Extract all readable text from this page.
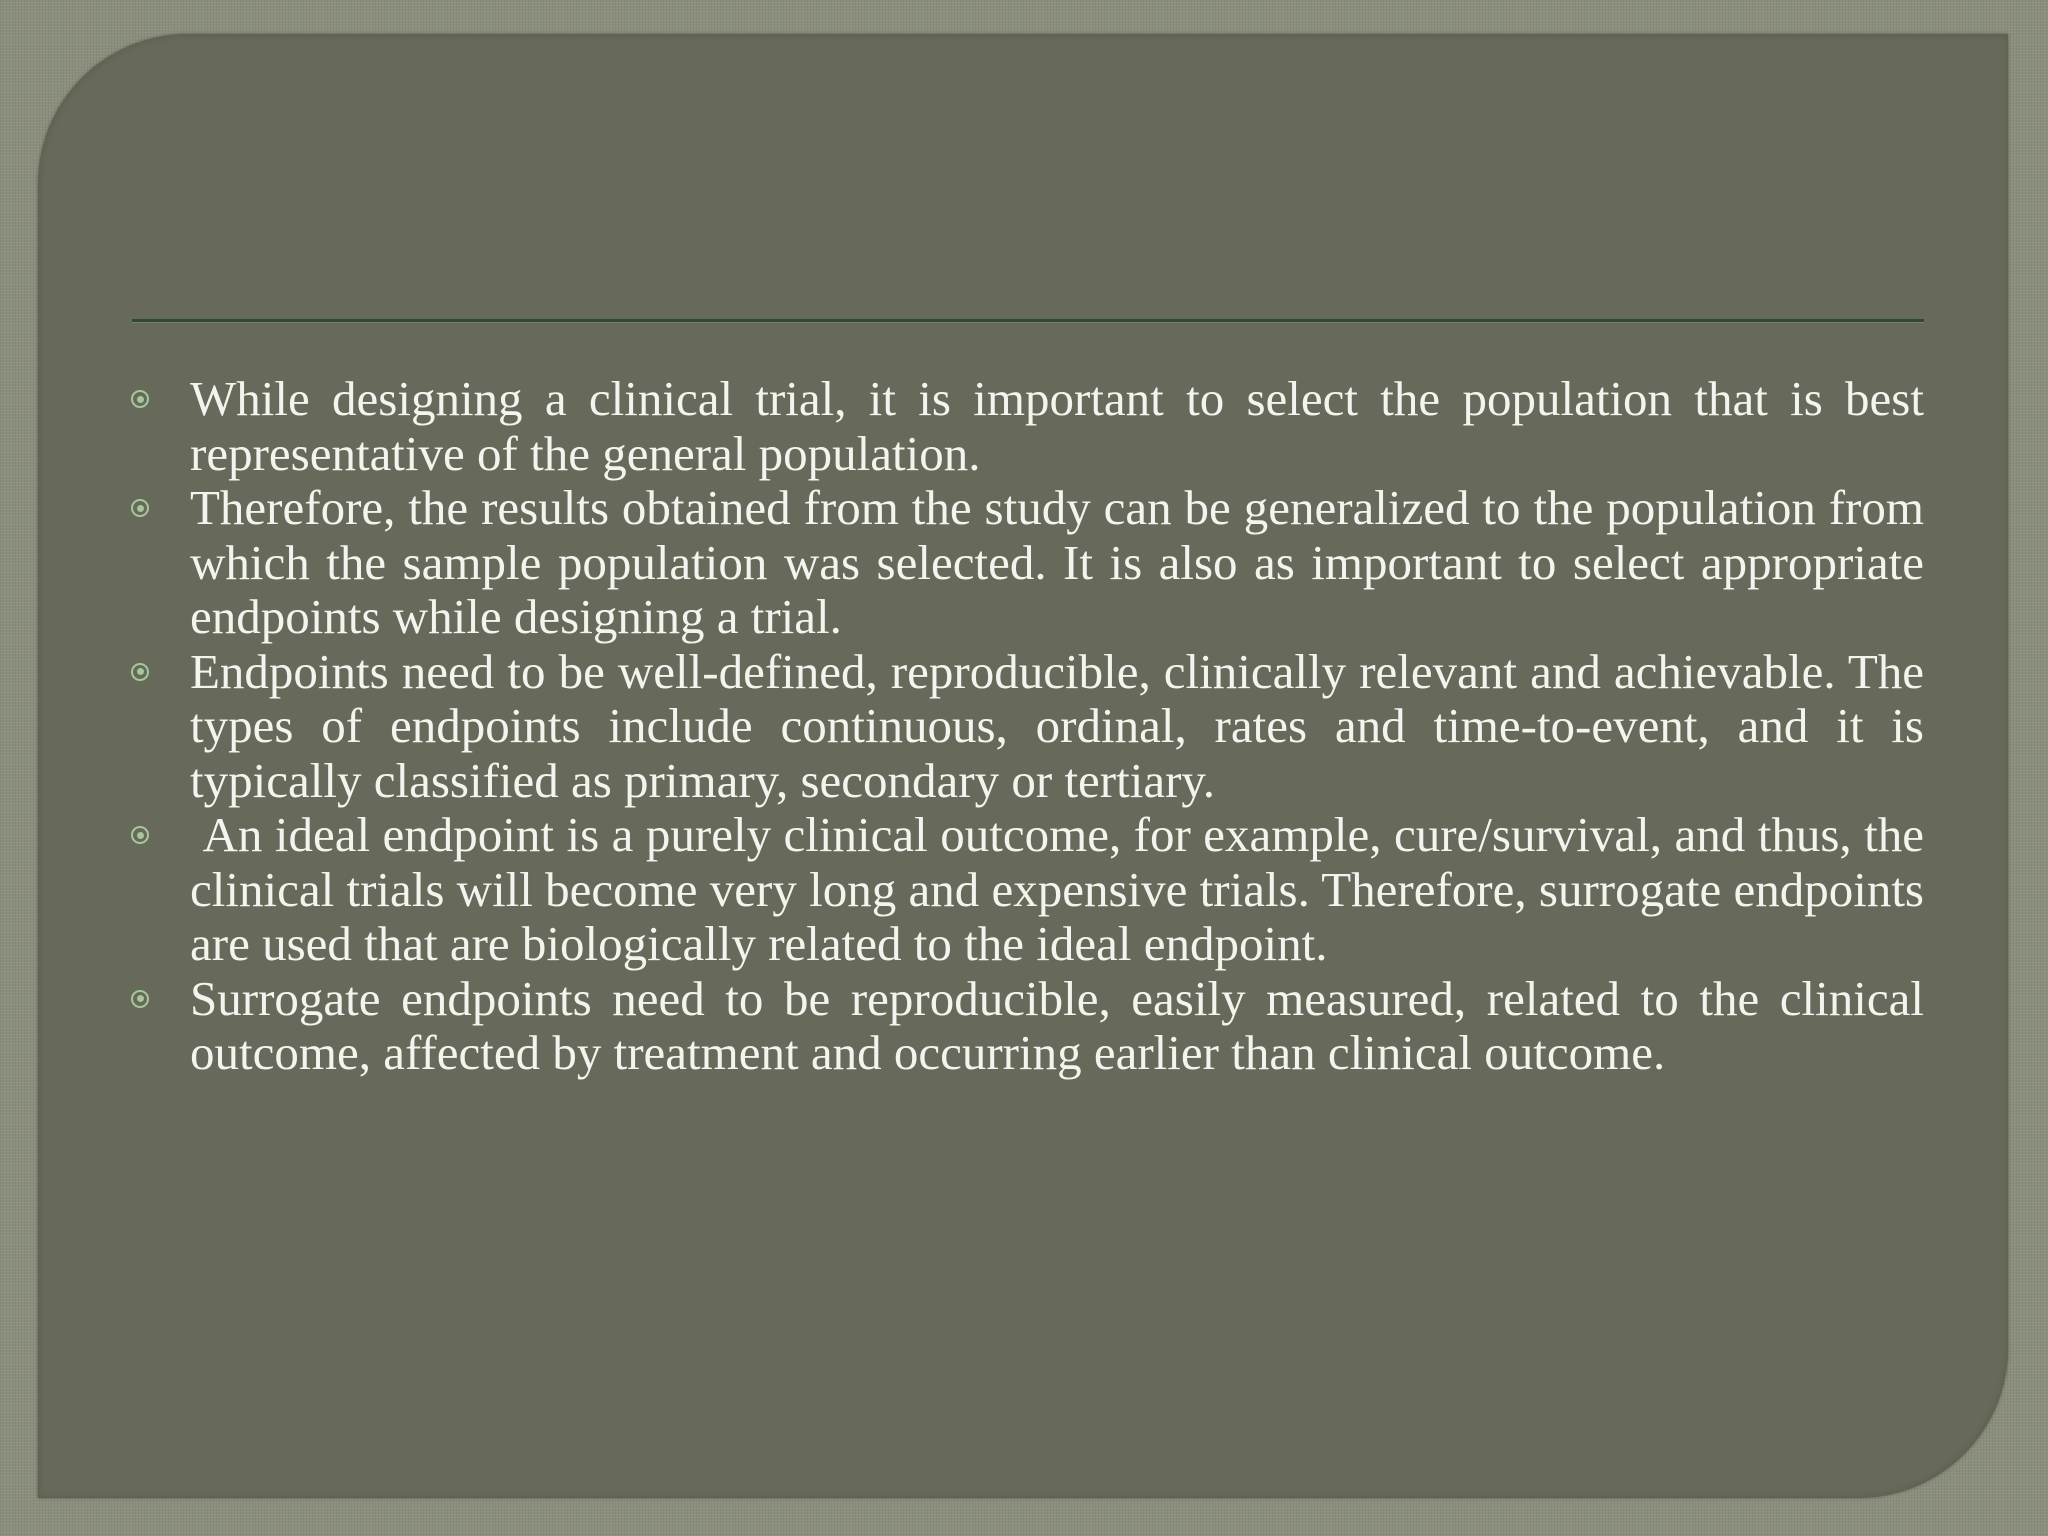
While designing a clinical trial, it is important to select the population that is best representative of the general population.
Therefore, the results obtained from the study can be generalized to the population from which the sample population was selected. It is also as important to select appropriate endpoints while designing a trial.
Endpoints need to be well-defined, reproducible, clinically relevant and achievable. The types of endpoints include continuous, ordinal, rates and time-to-event, and it is typically classified as primary, secondary or tertiary.
An ideal endpoint is a purely clinical outcome, for example, cure/survival, and thus, the clinical trials will become very long and expensive trials. Therefore, surrogate endpoints are used that are biologically related to the ideal endpoint.
Surrogate endpoints need to be reproducible, easily measured, related to the clinical outcome, affected by treatment and occurring earlier than clinical outcome.
